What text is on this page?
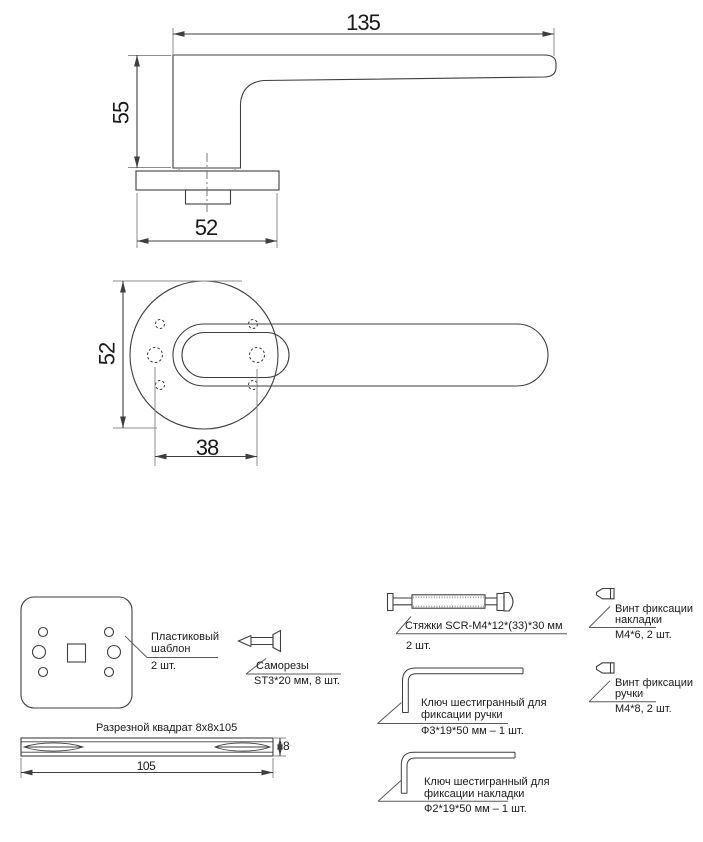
135
55
52
52
38
Пластиковый
шаблон
2 шт.	Саморезы
ST3*20 мм, 8 шт.
Разрезной квадрат 8x8x105
105
8
Стяжки SCR-M4*12*(33)*30 мм
2 шт.
Винт фиксации
накладки
M4*6, 2 шт.
Винт фиксации
ручки
M4*8, 2 шт.
Ключ шестигранный для
фиксации ручки
Ф3*19*50 мм – 1 шт.
Ключ шестигранный для
фиксации накладки
Ф2*19*50 мм – 1 шт.
